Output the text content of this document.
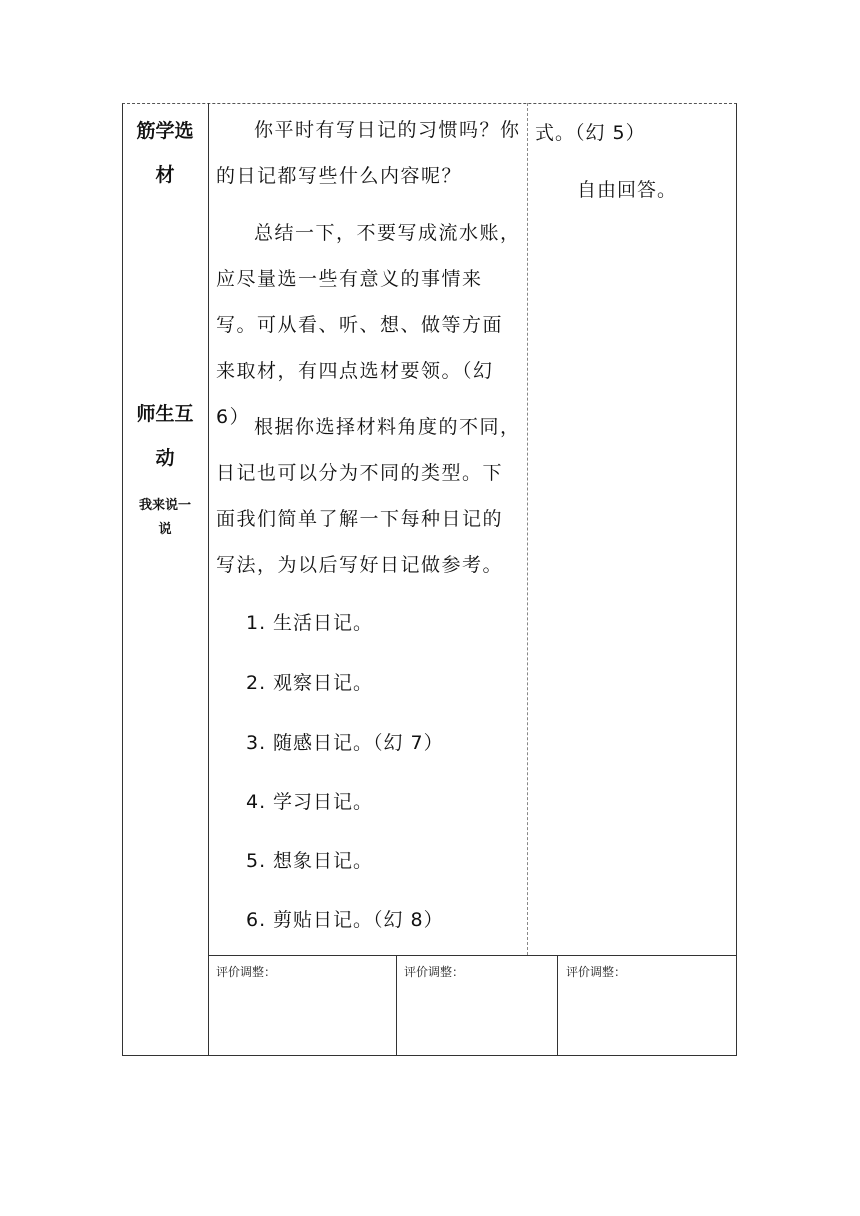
筋学选
材
师生互
动
我来说一
说

你平时有写日记的习惯吗？你的日记都写些什么内容呢？

总结一下，不要写成流水账，应尽量选一些有意义的事情来写。可从看、听、想、做等方面来取材，有四点选材要领。（幻 6） 根据你选择材料角度的不同，日记也可以分为不同的类型。下面我们简单了解一下每种日记的写法，为以后写好日记做参考。

1. 生活日记。
2. 观察日记。
3. 随感日记。（幻 7）
4. 学习日记。
5. 想象日记。
6. 剪贴日记。（幻 8）
式。（幻 5）
自由回答。
评价调整：	评价调整：	评价调整：
